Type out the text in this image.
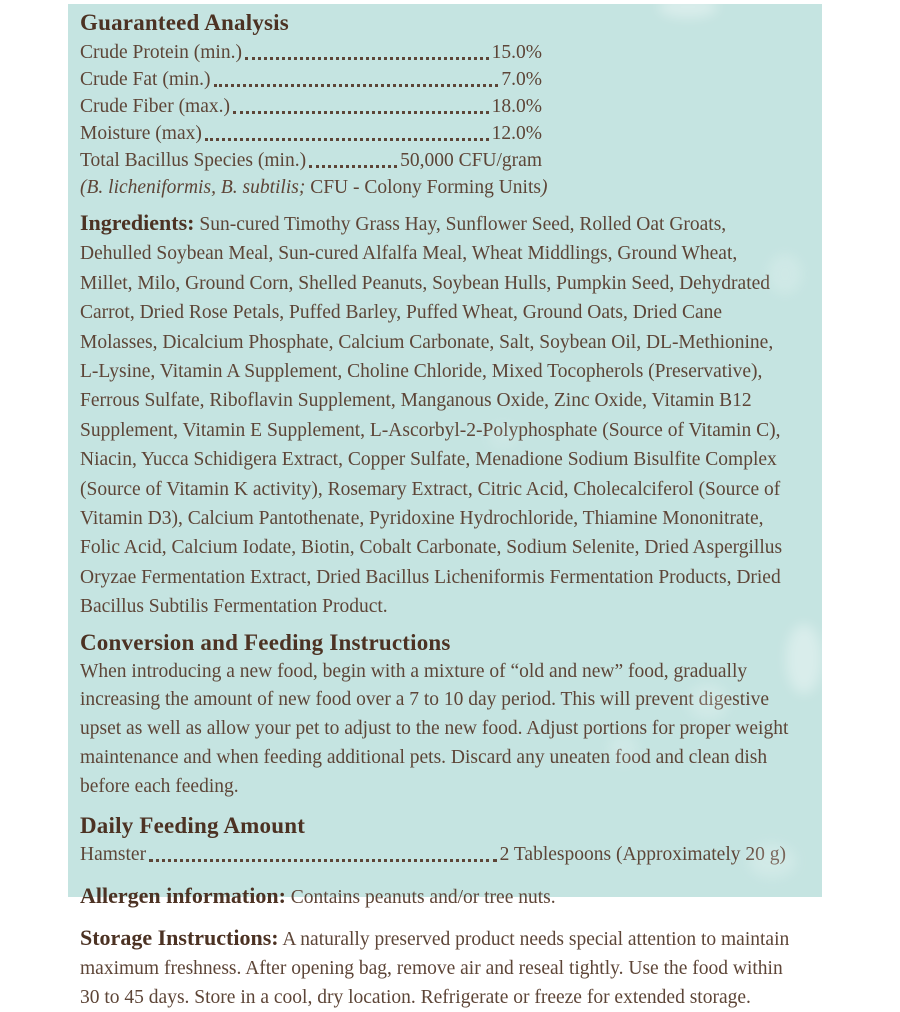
Guaranteed Analysis
Crude Protein (min.)	15.0%
Crude Fat (min.)	7.0%
Crude Fiber (max.)	18.0%
Moisture (max)	12.0%
Total Bacillus Species (min.)	50,000 CFU/gram
(B. licheniformis, B. subtilis; CFU - Colony Forming Units)

Ingredients: Sun-cured Timothy Grass Hay, Sunflower Seed, Rolled Oat Groats, Dehulled Soybean Meal, Sun-cured Alfalfa Meal, Wheat Middlings, Ground Wheat, Millet, Milo, Ground Corn, Shelled Peanuts, Soybean Hulls, Pumpkin Seed, Dehydrated Carrot, Dried Rose Petals, Puffed Barley, Puffed Wheat, Ground Oats, Dried Cane Molasses, Dicalcium Phosphate, Calcium Carbonate, Salt, Soybean Oil, DL-Methionine, L-Lysine, Vitamin A Supplement, Choline Chloride, Mixed Tocopherols (Preservative), Ferrous Sulfate, Riboflavin Supplement, Manganous Oxide, Zinc Oxide, Vitamin B12 Supplement, Vitamin E Supplement, L-Ascorbyl-2-Polyphosphate (Source of Vitamin C), Niacin, Yucca Schidigera Extract, Copper Sulfate, Menadione Sodium Bisulfite Complex (Source of Vitamin K activity), Rosemary Extract, Citric Acid, Cholecalciferol (Source of Vitamin D3), Calcium Pantothenate, Pyridoxine Hydrochloride, Thiamine Mononitrate, Folic Acid, Calcium Iodate, Biotin, Cobalt Carbonate, Sodium Selenite, Dried Aspergillus Oryzae Fermentation Extract, Dried Bacillus Licheniformis Fermentation Products, Dried Bacillus Subtilis Fermentation Product.

Conversion and Feeding Instructions

When introducing a new food, begin with a mixture of “old and new” food, gradually increasing the amount of new food over a 7 to 10 day period. This will prevent digestive upset as well as allow your pet to adjust to the new food. Adjust portions for proper weight maintenance and when feeding additional pets. Discard any uneaten food and clean dish before each feeding.

Daily Feeding Amount
Hamster	2 Tablespoons (Approximately 20 g)

Allergen information: Contains peanuts and/or tree nuts.

Storage Instructions: A naturally preserved product needs special attention to maintain maximum freshness. After opening bag, remove air and reseal tightly. Use the food within 30 to 45 days. Store in a cool, dry location. Refrigerate or freeze for extended storage.
